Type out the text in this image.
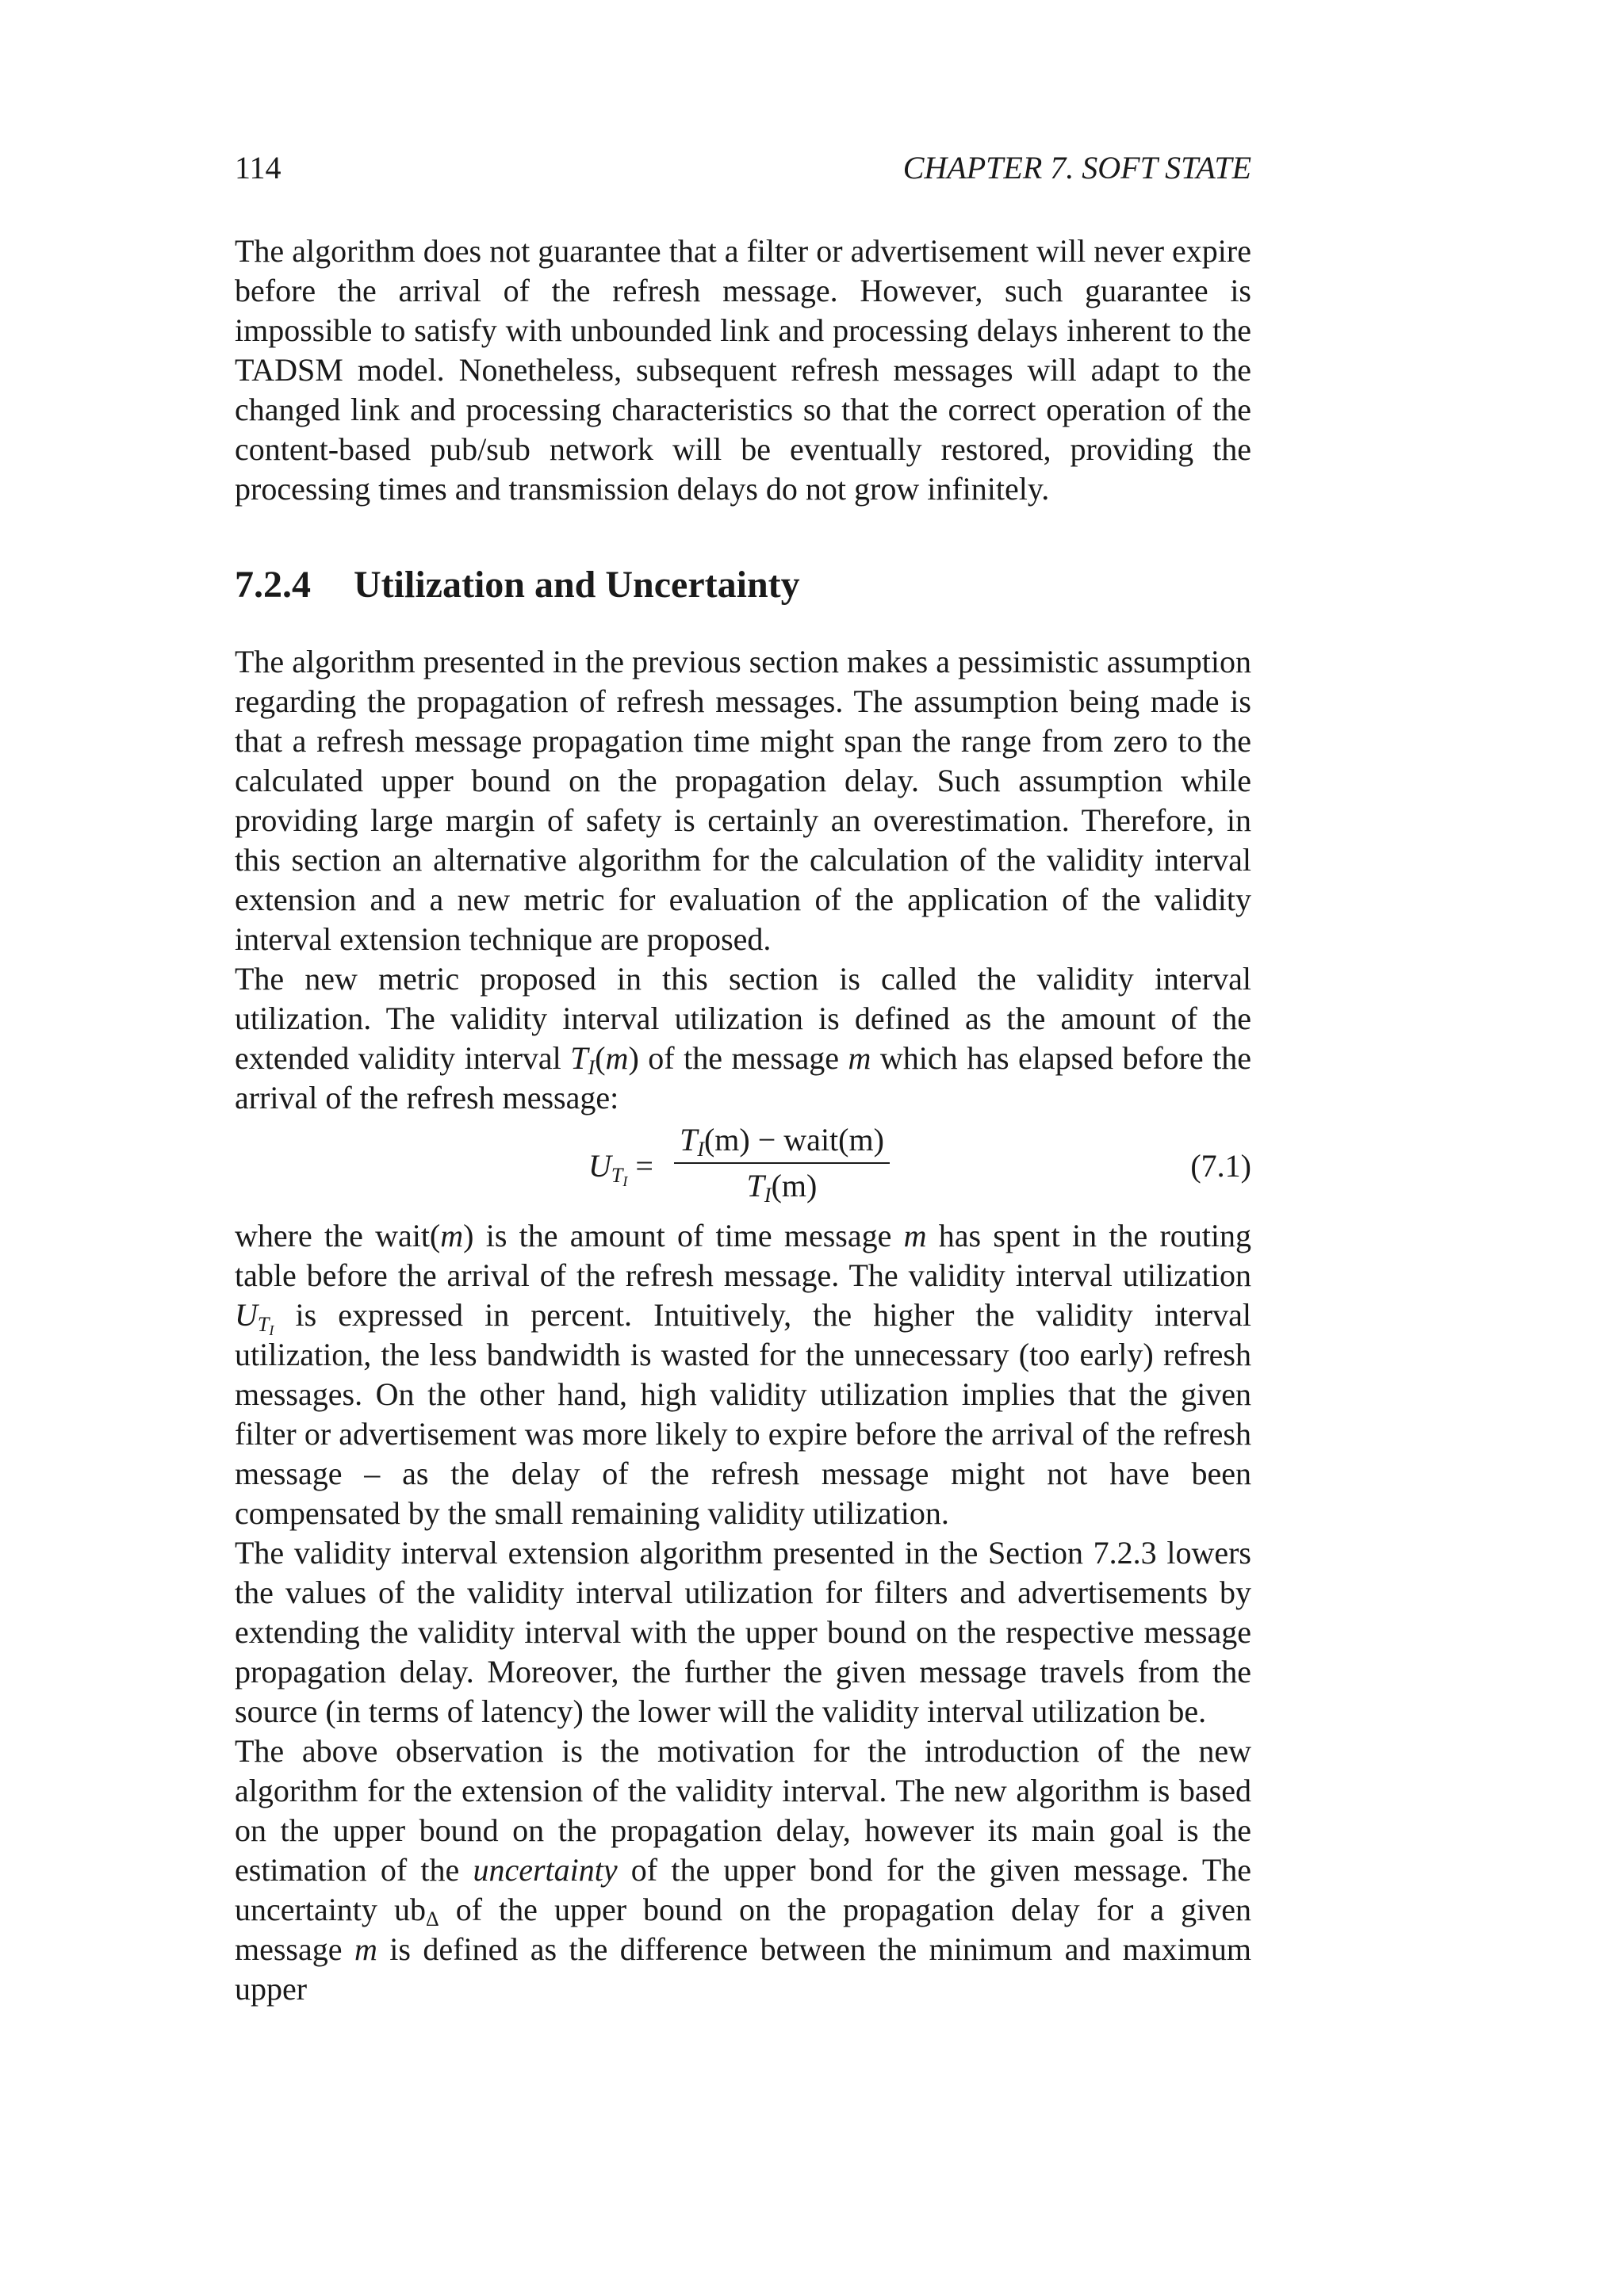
114	CHAPTER 7. SOFT STATE

The algorithm does not guarantee that a filter or advertisement will never expire before the arrival of the refresh message. However, such guarantee is impossible to satisfy with unbounded link and processing delays inherent to the TADSM model. Nonetheless, subsequent refresh messages will adapt to the changed link and processing characteristics so that the correct operation of the content-based pub/sub network will be eventually restored, providing the processing times and transmission delays do not grow infinitely.

7.2.4 Utilization and Uncertainty

The algorithm presented in the previous section makes a pessimistic assumption regarding the propagation of refresh messages. The assumption being made is that a refresh message propagation time might span the range from zero to the calculated upper bound on the propagation delay. Such assumption while providing large margin of safety is certainly an overestimation. Therefore, in this section an alternative algorithm for the calculation of the validity interval extension and a new metric for evaluation of the application of the validity interval extension technique are proposed.

The new metric proposed in this section is called the validity interval utilization. The validity interval utilization is defined as the amount of the extended validity interval $T_I(m)$ of the message m which has elapsed before the arrival of the refresh message:

$U_{T_I}$ =
$T_I(m)$ − wait(m)
$T_I(m)$
(7.1)

where the wait(m) is the amount of time message m has spent in the routing table before the arrival of the refresh message. The validity interval utilization $U_{T_I}$ is expressed in percent. Intuitively, the higher the validity interval utilization, the less bandwidth is wasted for the unnecessary (too early) refresh messages. On the other hand, high validity utilization implies that the given filter or advertisement was more likely to expire before the arrival of the refresh message – as the delay of the refresh message might not have been compensated by the small remaining validity utilization.

The validity interval extension algorithm presented in the Section 7.2.3 lowers the values of the validity interval utilization for filters and advertisements by extending the validity interval with the upper bound on the respective message propagation delay. Moreover, the further the given message travels from the source (in terms of latency) the lower will the validity interval utilization be.

The above observation is the motivation for the introduction of the new algorithm for the extension of the validity interval. The new algorithm is based on the upper bound on the propagation delay, however its main goal is the estimation of the uncertainty of the upper bond for the given message. The uncertainty $ub_\Delta$ of the upper bound on the propagation delay for a given message m is defined as the difference between the minimum and maximum upper
